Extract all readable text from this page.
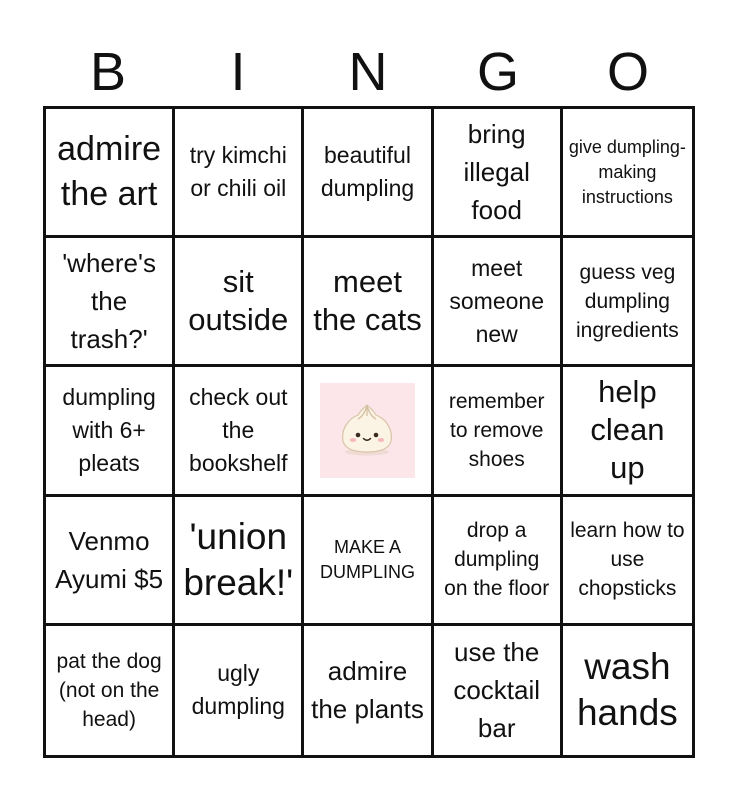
B	I	N	G	O
admire the art
try kimchi or chili oil
beautiful dumpling
bring illegal food
give dumpling-making instructions
'where's the trash?'
sit outside
meet the cats
meet someone new
guess veg dumpling ingredients
dumpling with 6+ pleats
check out the bookshelf
remember to remove shoes
help clean up
Venmo Ayumi $5
'union break!'
MAKE A DUMPLING
drop a dumpling on the floor
learn how to use chopsticks
pat the dog (not on the head)
ugly dumpling
admire the plants
use the cocktail bar
wash hands
